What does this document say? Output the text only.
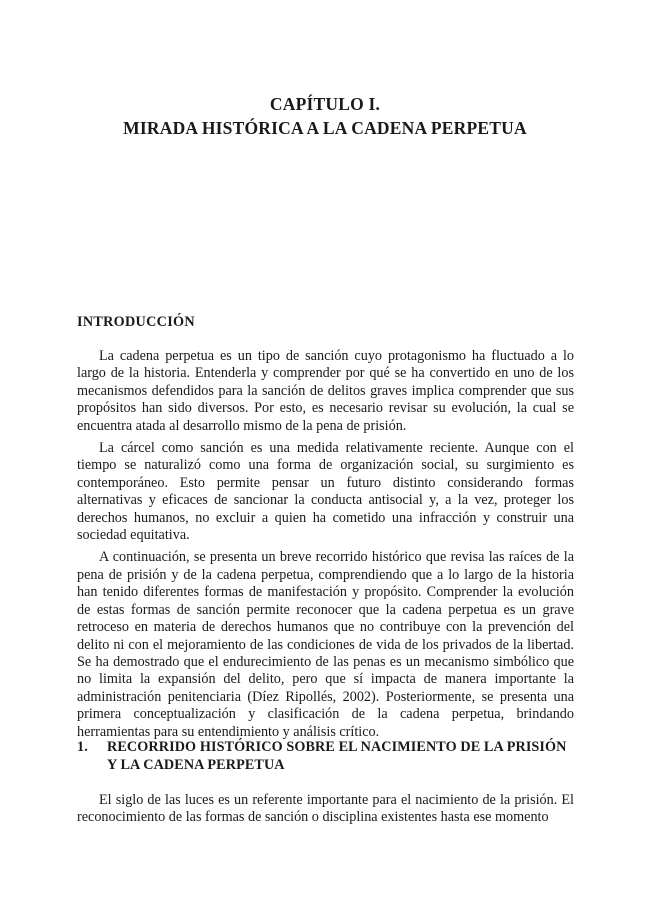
CAPÍTULO I.
MIRADA HISTÓRICA A LA CADENA PERPETUA
INTRODUCCIÓN

La cadena perpetua es un tipo de sanción cuyo protagonismo ha fluctuado a lo largo de la historia. Entenderla y comprender por qué se ha convertido en uno de los mecanismos defendidos para la sanción de delitos graves implica comprender que sus propósitos han sido diversos. Por esto, es necesario revisar su evolución, la cual se encuentra atada al desarrollo mismo de la pena de prisión.

La cárcel como sanción es una medida relativamente reciente. Aunque con el tiempo se naturalizó como una forma de organización social, su surgimiento es contemporáneo. Esto permite pensar un futuro distinto considerando formas alternativas y eficaces de sancionar la conducta antisocial y, a la vez, proteger los derechos humanos, no excluir a quien ha cometido una infracción y construir una sociedad equitativa.

A continuación, se presenta un breve recorrido histórico que revisa las raíces de la pena de prisión y de la cadena perpetua, comprendiendo que a lo largo de la historia han tenido diferentes formas de manifestación y propósito. Comprender la evolución de estas formas de sanción permite reconocer que la cadena perpetua es un grave retroceso en materia de derechos humanos que no contribuye con la prevención del delito ni con el mejoramiento de las condiciones de vida de los privados de la libertad. Se ha demostrado que el endurecimiento de las penas es un mecanismo simbólico que no limita la expansión del delito, pero que sí impacta de manera importante la administración penitenciaria (Díez Ripollés, 2002). Posteriormente, se presenta una primera conceptualización y clasificación de la cadena perpetua, brindando herramientas para su entendimiento y análisis crítico.

1.	RECORRIDO HISTÓRICO SOBRE EL NACIMIENTO DE LA PRISIÓN Y LA CADENA PERPETUA

El siglo de las luces es un referente importante para el nacimiento de la prisión. El reconocimiento de las formas de sanción o disciplina existentes hasta ese momento
